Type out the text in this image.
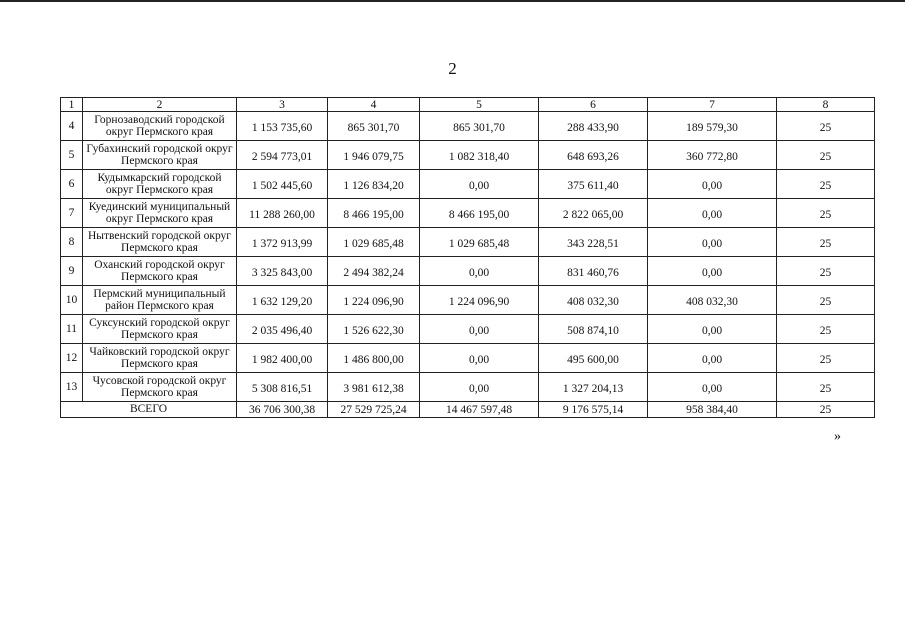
2
1	2	3	4	5	6	7	8
4	Горнозаводский городской округ Пермского края	1 153 735,60	865 301,70	865 301,70	288 433,90	189 579,30	25
5	Губахинский городской округ Пермского края	2 594 773,01	1 946 079,75	1 082 318,40	648 693,26	360 772,80	25
6	Кудымкарский городской округ Пермского края	1 502 445,60	1 126 834,20	0,00	375 611,40	0,00	25
7	Куединский муниципальный округ Пермского края	11 288 260,00	8 466 195,00	8 466 195,00	2 822 065,00	0,00	25
8	Нытвенский городской округ Пермского края	1 372 913,99	1 029 685,48	1 029 685,48	343 228,51	0,00	25
9	Оханский городской округ Пермского края	3 325 843,00	2 494 382,24	0,00	831 460,76	0,00	25
10	Пермский муниципальный район Пермского края	1 632 129,20	1 224 096,90	1 224 096,90	408 032,30	408 032,30	25
11	Суксунский городской округ Пермского края	2 035 496,40	1 526 622,30	0,00	508 874,10	0,00	25
12	Чайковский городской округ Пермского края	1 982 400,00	1 486 800,00	0,00	495 600,00	0,00	25
13	Чусовской городской округ Пермского края	5 308 816,51	3 981 612,38	0,00	1 327 204,13	0,00	25
ВСЕГО		36 706 300,38	27 529 725,24	14 467 597,48	9 176 575,14	958 384,40	25
»
